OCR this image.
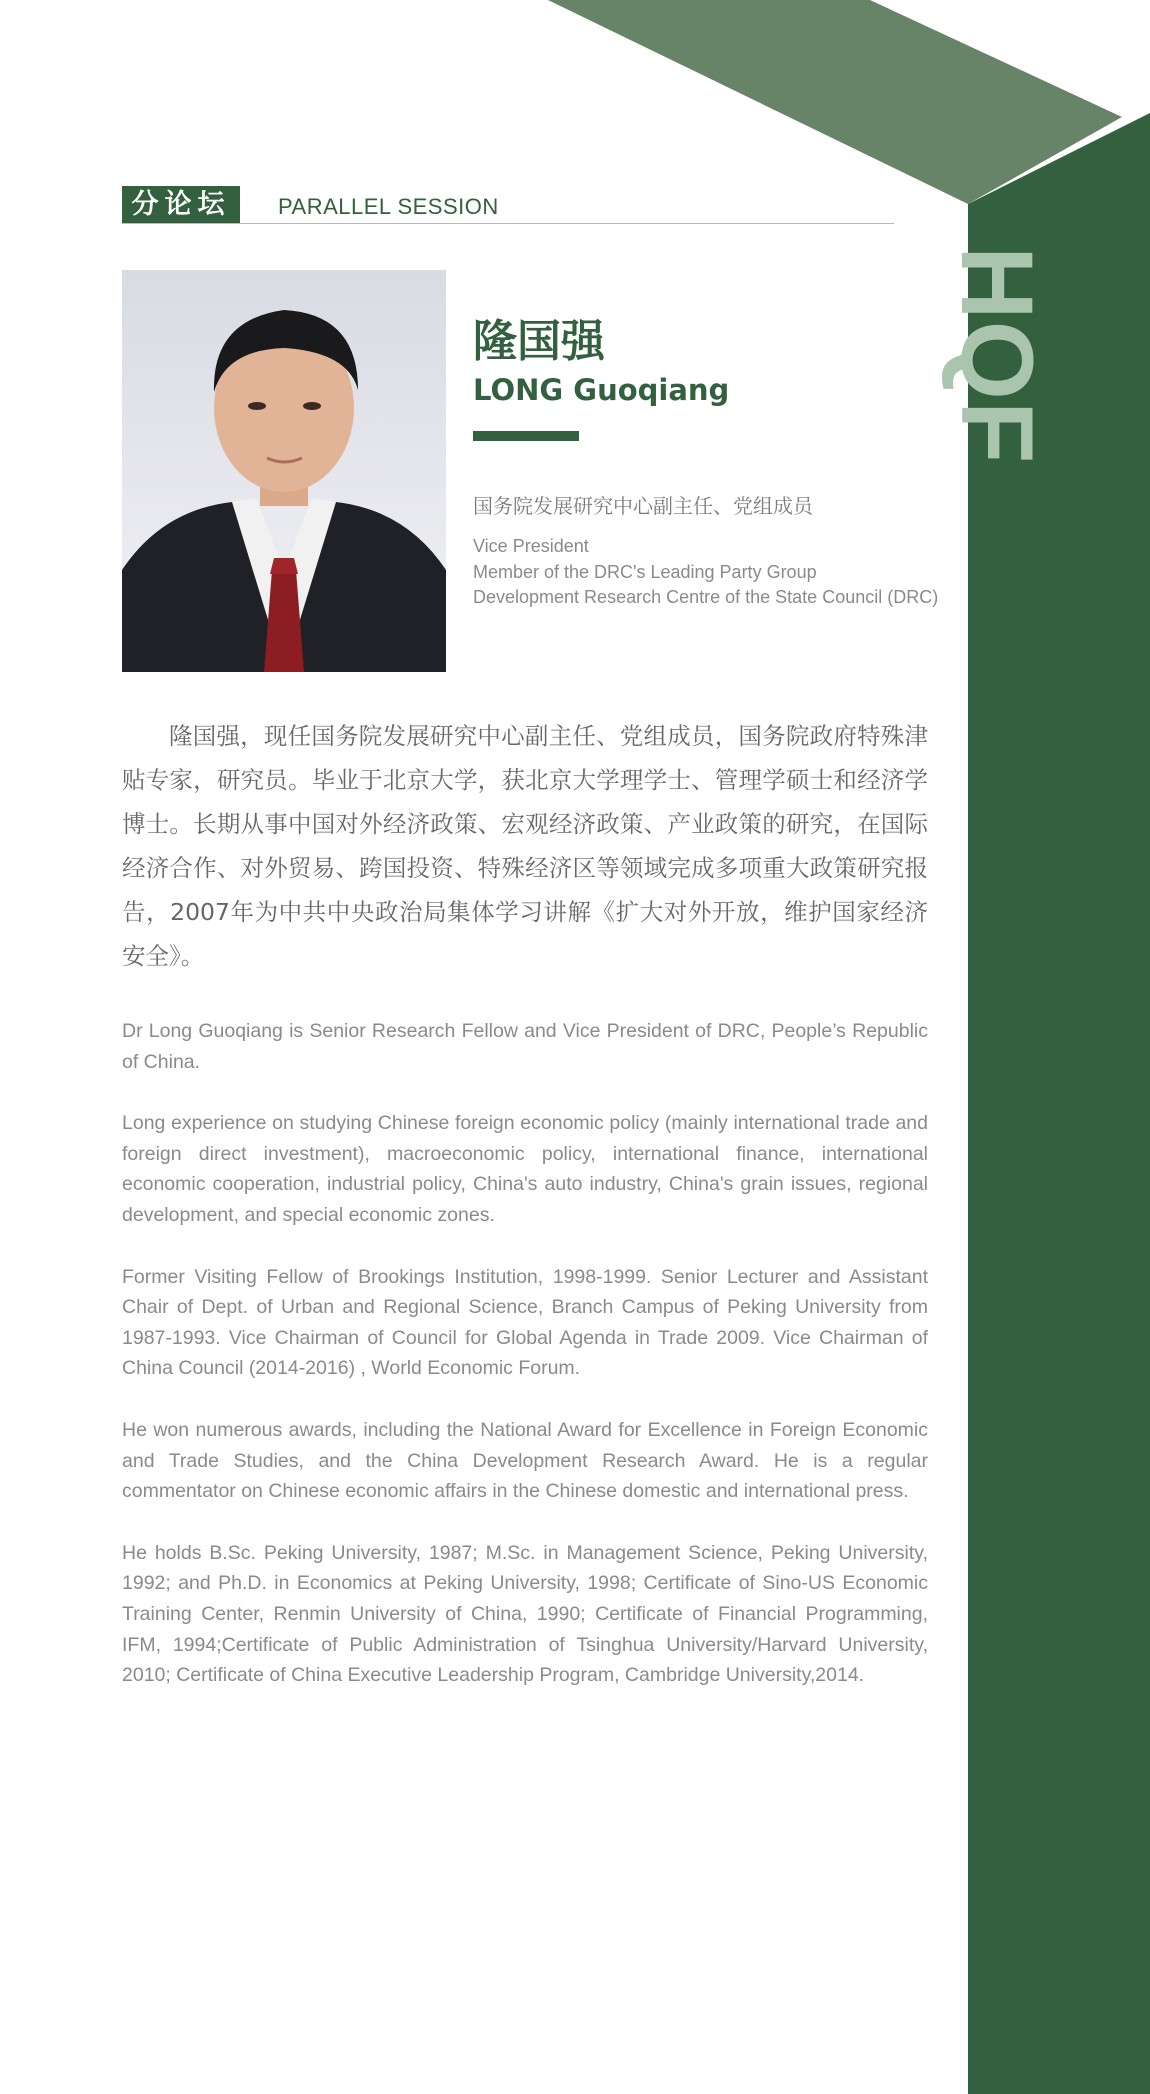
HQF
分论坛	PARALLEL SESSION
隆国强
LONG Guoqiang
国务院发展研究中心副主任、党组成员
Vice President
Member of the DRC's Leading Party Group
Development Research Centre of the State Council (DRC)

隆国强，现任国务院发展研究中心副主任、党组成员，国务院政府特殊津贴专家，研究员。毕业于北京大学，获北京大学理学士、管理学硕士和经济学博士。长期从事中国对外经济政策、宏观经济政策、产业政策的研究，在国际经济合作、对外贸易、跨国投资、特殊经济区等领域完成多项重大政策研究报告，2007年为中共中央政治局集体学习讲解《扩大对外开放，维护国家经济安全》。

Dr Long Guoqiang is Senior Research Fellow and Vice President of DRC, People’s Republic of China.

Long experience on studying Chinese foreign economic policy (mainly international trade and foreign direct investment), macroeconomic policy, international finance, international economic cooperation, industrial policy, China's auto industry, China's grain issues, regional development, and special economic zones.

Former Visiting Fellow of Brookings Institution, 1998-1999. Senior Lecturer and Assistant Chair of Dept. of Urban and Regional Science, Branch Campus of Peking University from 1987-1993. Vice Chairman of Council for Global Agenda in Trade 2009. Vice Chairman of China Council (2014-2016) , World Economic Forum.

He won numerous awards, including the National Award for Excellence in Foreign Economic and Trade Studies, and the China Development Research Award. He is a regular commentator on Chinese economic affairs in the Chinese domestic and international press.

He holds B.Sc. Peking University, 1987; M.Sc. in Management Science, Peking University, 1992; and Ph.D. in Economics at Peking University, 1998; Certificate of Sino-US Economic Training Center, Renmin University of China, 1990; Certificate of Financial Programming, IFM, 1994;Certificate of Public Administration of Tsinghua University/Harvard University, 2010; Certificate of China Executive Leadership Program, Cambridge University,2014.
